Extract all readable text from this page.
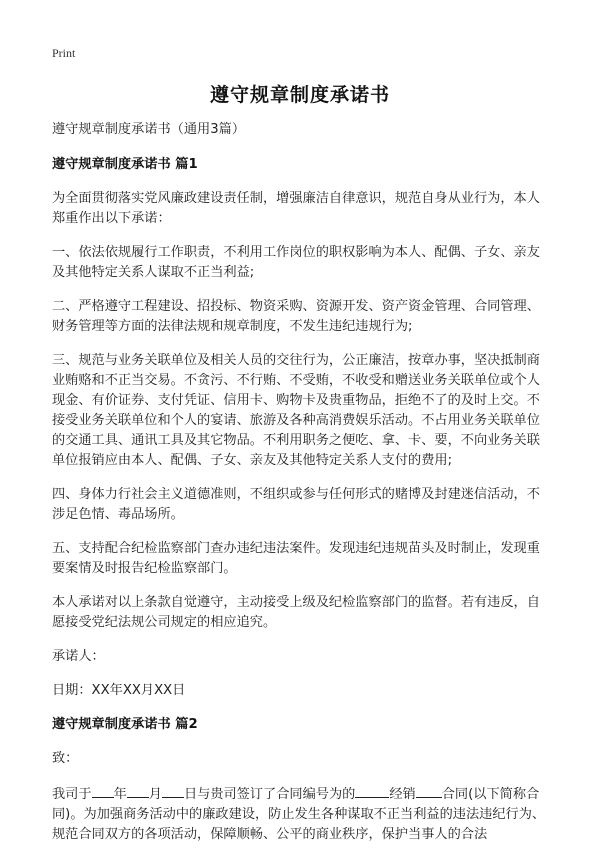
Print
遵守规章制度承诺书

遵守规章制度承诺书（通用3篇）

遵守规章制度承诺书 篇1

为全面贯彻落实党风廉政建设责任制，增强廉洁自律意识，规范自身从业行为，本人郑重作出以下承诺：

一、依法依规履行工作职责，不利用工作岗位的职权影响为本人、配偶、子女、亲友及其他特定关系人谋取不正当利益;

二、严格遵守工程建设、招投标、物资采购、资源开发、资产资金管理、合同管理、财务管理等方面的法律法规和规章制度，不发生违纪违规行为;

三、规范与业务关联单位及相关人员的交往行为，公正廉洁，按章办事，坚决抵制商业贿赂和不正当交易。不贪污、不行贿、不受贿，不收受和赠送业务关联单位或个人现金、有价证券、支付凭证、信用卡、购物卡及贵重物品，拒绝不了的及时上交。不接受业务关联单位和个人的宴请、旅游及各种高消费娱乐活动。不占用业务关联单位的交通工具、通讯工具及其它物品。不利用职务之便吃、拿、卡、要，不向业务关联单位报销应由本人、配偶、子女、亲友及其他特定关系人支付的费用;

四、身体力行社会主义道德准则，不组织或参与任何形式的赌博及封建迷信活动，不涉足色情、毒品场所。

五、支持配合纪检监察部门查办违纪违法案件。发现违纪违规苗头及时制止，发现重要案情及时报告纪检监察部门。

本人承诺对以上条款自觉遵守，主动接受上级及纪检监察部门的监督。若有违反，自愿接受党纪法规公司规定的相应追究。

承诺人：

日期：XX年XX月XX日

遵守规章制度承诺书 篇2

致：

我司于 年 月 日与贵司签订了合同编号为的	经销 合同(以下简称合同)。为加强商务活动中的廉政建设，防止发生各种谋取不正当利益的违法违纪行为、规范合同双方的各项活动，保障顺畅、公平的商业秩序，保护当事人的合法
